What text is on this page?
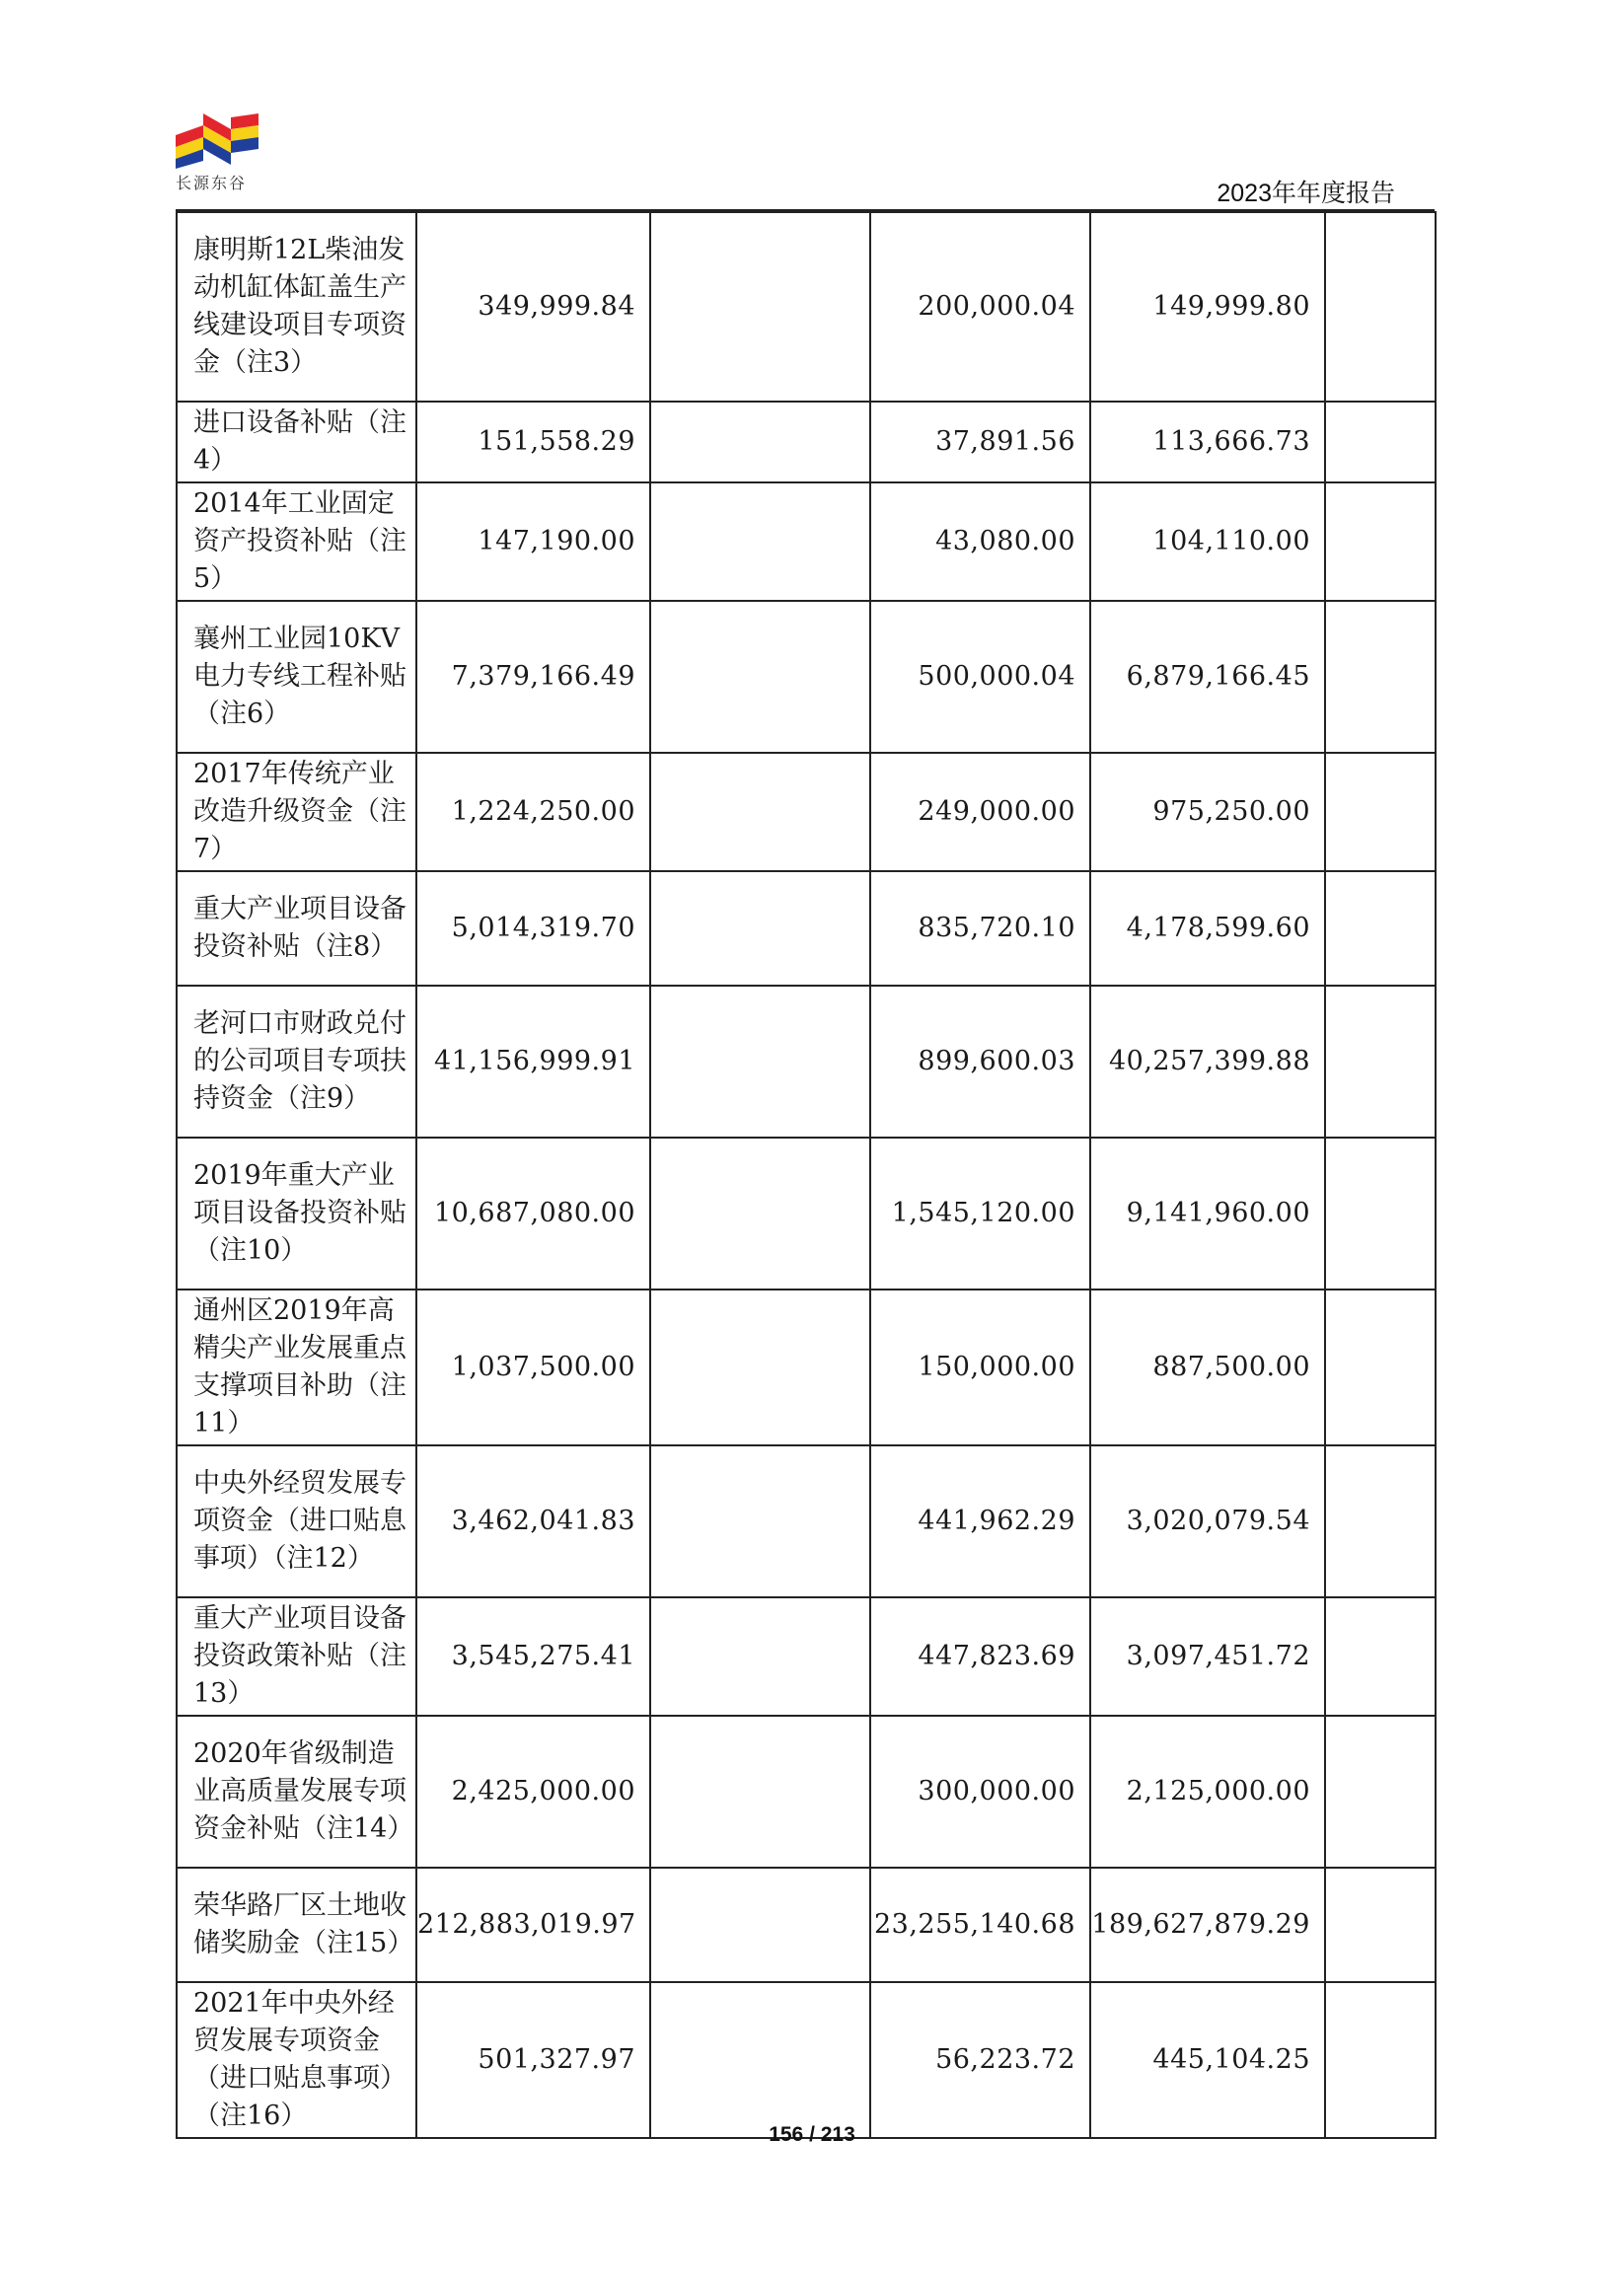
长源东谷	2023年年度报告
康明斯12L柴油发动机缸体缸盖生产线建设项目专项资金（注3）	349,999.84		200,000.04	149,999.80	
进口设备补贴（注4）	151,558.29		37,891.56	113,666.73	
2014年工业固定资产投资补贴（注5）	147,190.00		43,080.00	104,110.00	
襄州工业园10KV电力专线工程补贴（注6）	7,379,166.49		500,000.04	6,879,166.45	
2017年传统产业改造升级资金（注7）	1,224,250.00		249,000.00	975,250.00	
重大产业项目设备投资补贴（注8）	5,014,319.70		835,720.10	4,178,599.60	
老河口市财政兑付的公司项目专项扶持资金（注9）	41,156,999.91		899,600.03	40,257,399.88	
2019年重大产业项目设备投资补贴 （注10）	10,687,080.00		1,545,120.00	9,141,960.00	
通州区2019年高精尖产业发展重点支撑项目补助（注11）	1,037,500.00		150,000.00	887,500.00	
中央外经贸发展专项资金（进口贴息事项）（注12）	3,462,041.83		441,962.29	3,020,079.54	
重大产业项目设备投资政策补贴（注13）	3,545,275.41		447,823.69	3,097,451.72	
2020年省级制造业高质量发展专项资金补贴（注14）	2,425,000.00		300,000.00	2,125,000.00	
荣华路厂区土地收储奖励金（注15）	212,883,019.97		23,255,140.68	189,627,879.29	
2021年中央外经贸发展专项资金（进口贴息事项）（注16）	501,327.97		56,223.72	445,104.25	
156 / 213
